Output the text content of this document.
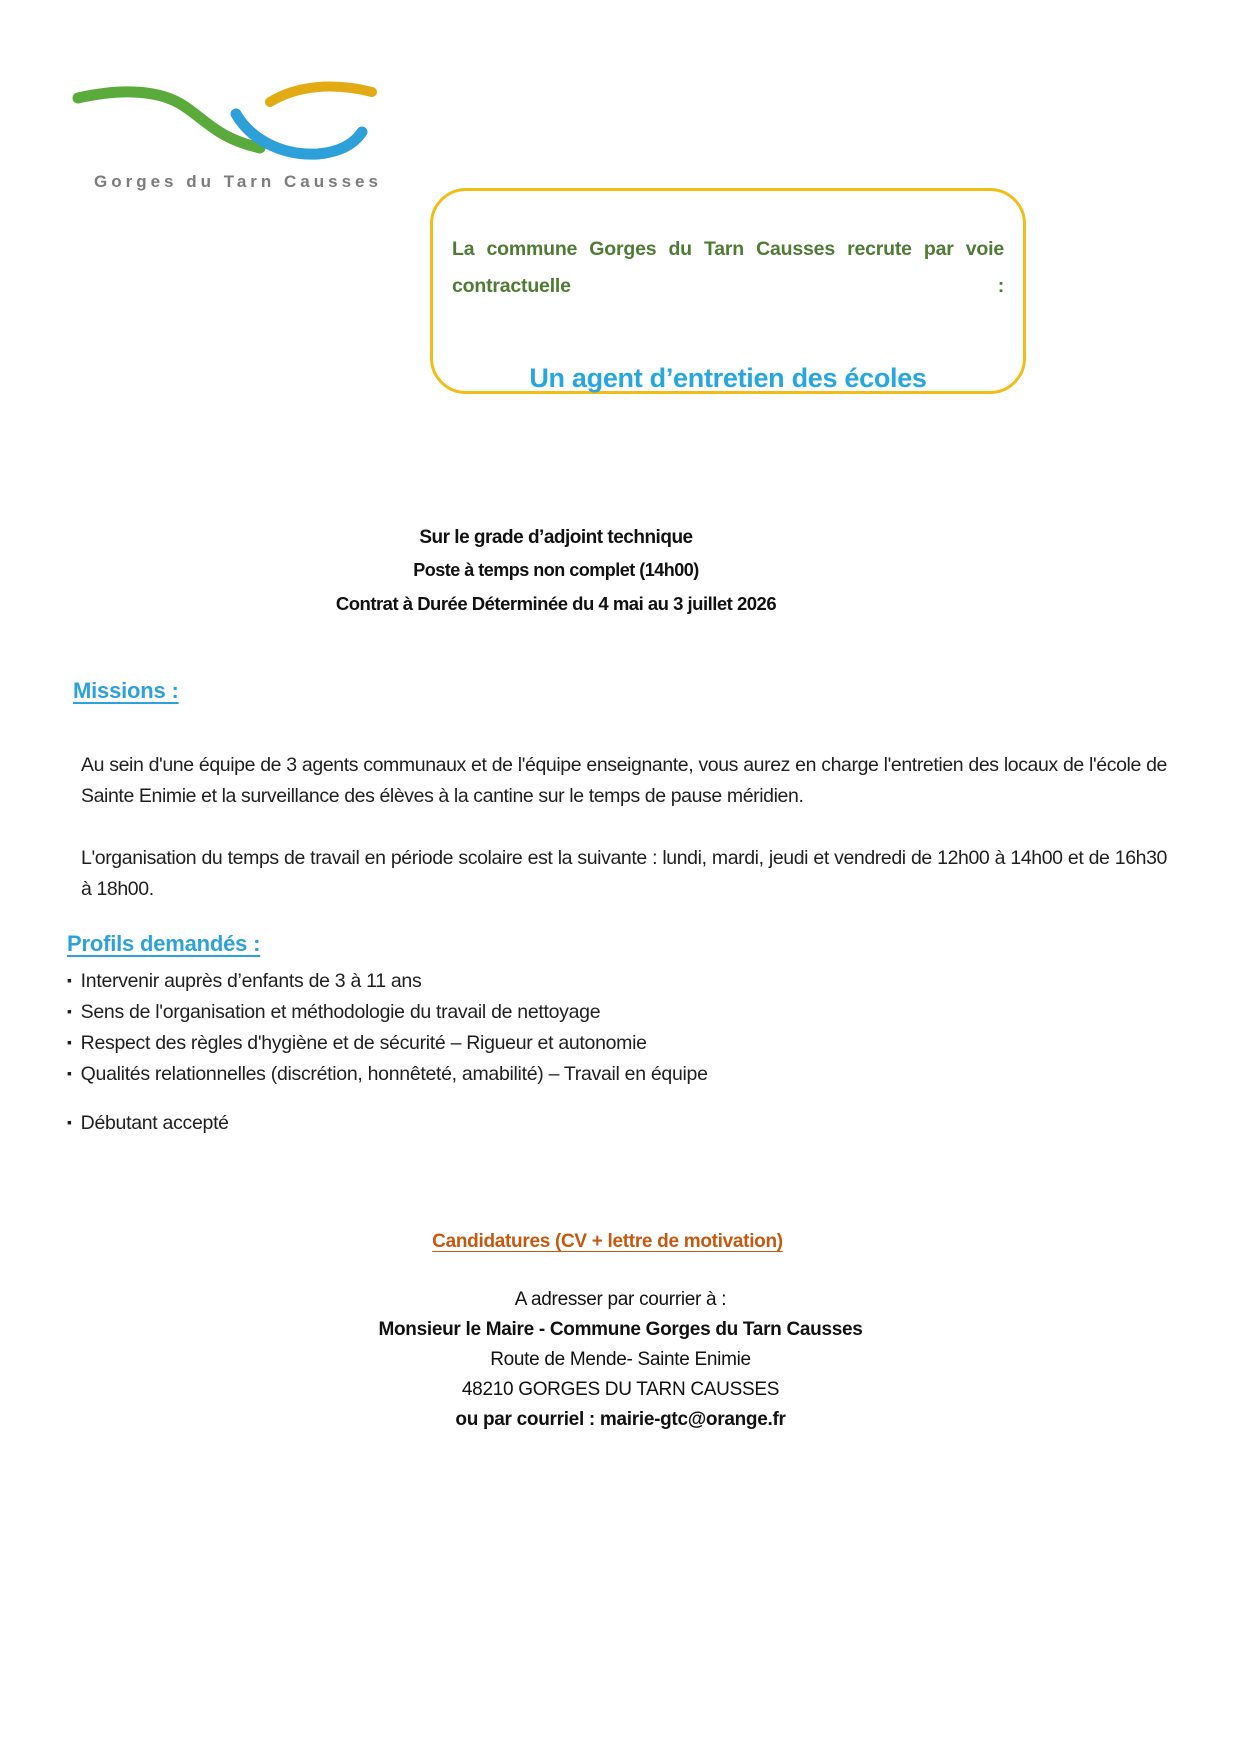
Gorges du Tarn Causses
La commune Gorges du Tarn Causses recrute par voie contractuelle :
Un agent d’entretien des écoles
Sur le grade d’adjoint technique
Poste à temps non complet (14h00)
Contrat à Durée Déterminée du 4 mai au 3 juillet 2026
Missions :

Au sein d'une équipe de 3 agents communaux et de l'équipe enseignante, vous aurez en charge l'entretien des locaux de l'école de Sainte Enimie et la surveillance des élèves à la cantine sur le temps de pause méridien.

L'organisation du temps de travail en période scolaire est la suivante : lundi, mardi, jeudi et vendredi de 12h00 à 14h00 et de 16h30 à 18h00.

Profils demandés :
▪ Intervenir auprès d’enfants de 3 à 11 ans
▪ Sens de l'organisation et méthodologie du travail de nettoyage
▪ Respect des règles d'hygiène et de sécurité – Rigueur et autonomie
▪ Qualités relationnelles (discrétion, honnêteté, amabilité) – Travail en équipe
▪ Débutant accepté
Candidatures (CV + lettre de motivation)
A adresser par courrier à :
Monsieur le Maire - Commune Gorges du Tarn Causses
Route de Mende- Sainte Enimie
48210 GORGES DU TARN CAUSSES
ou par courriel : mairie-gtc@orange.fr
